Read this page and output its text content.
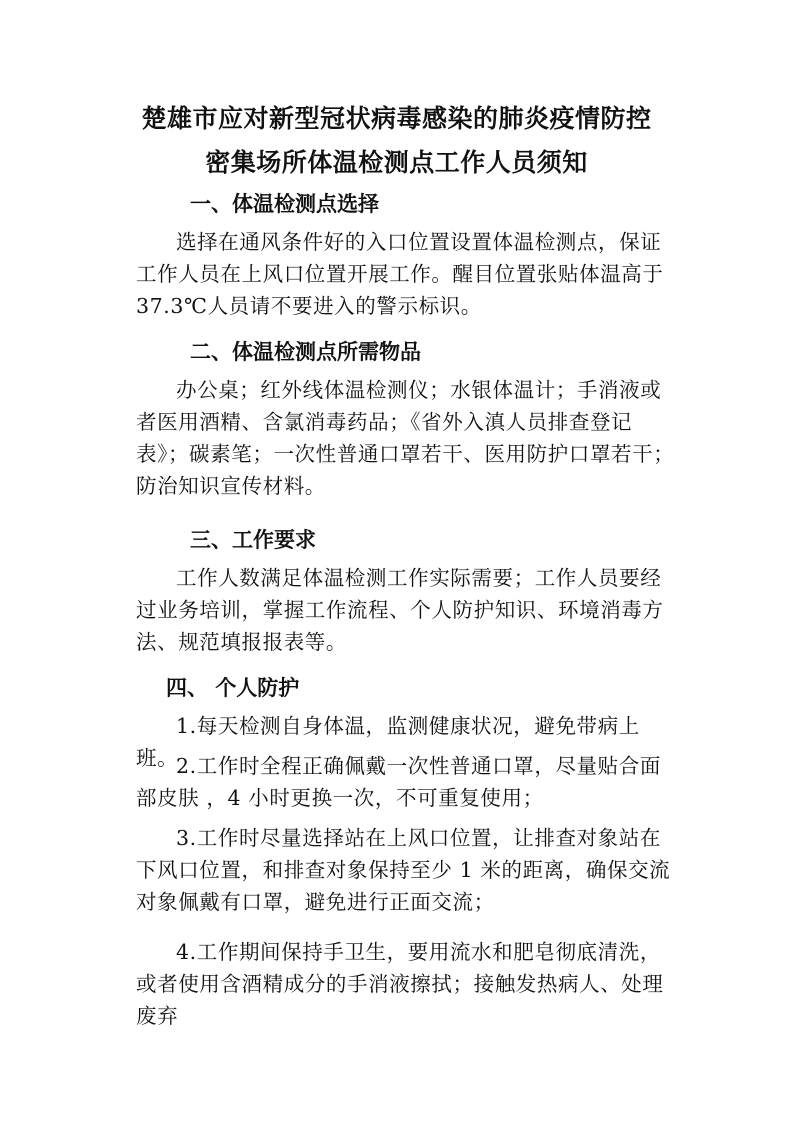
楚雄市应对新型冠状病毒感染的肺炎疫情防控
密集场所体温检测点工作人员须知
一、体温检测点选择
选择在通风条件好的入口位置设置体温检测点，保证工作人员在上风口位置开展工作。醒目位置张贴体温高于37.3℃人员请不要进入的警示标识。
二、体温检测点所需物品
办公桌；红外线体温检测仪；水银体温计；手消液或者医用酒精、含氯消毒药品；《省外入滇人员排查登记表》；碳素笔；一次性普通口罩若干、医用防护口罩若干；防治知识宣传材料。
三、工作要求
工作人数满足体温检测工作实际需要；工作人员要经过业务培训，掌握工作流程、个人防护知识、环境消毒方法、规范填报报表等。
四、 个人防护
1.每天检测自身体温，监测健康状况，避免带病上班。
2.工作时全程正确佩戴一次性普通口罩，尽量贴合面部皮肤 ，4 小时更换一次，不可重复使用；
3.工作时尽量选择站在上风口位置，让排查对象站在下风口位置，和排查对象保持至少 1 米的距离，确保交流对象佩戴有口罩，避免进行正面交流；
4.工作期间保持手卫生，要用流水和肥皂彻底清洗，或者使用含酒精成分的手消液擦拭；接触发热病人、处理废弃
